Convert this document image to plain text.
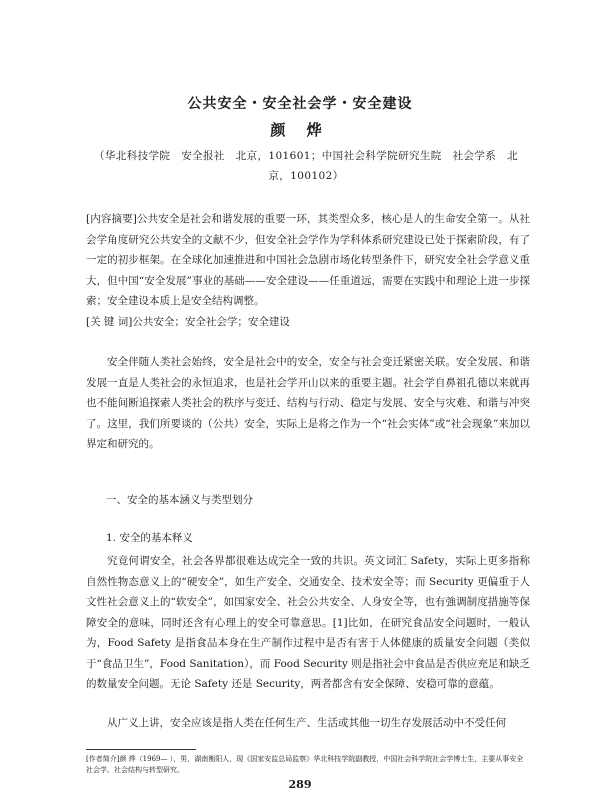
公共安全・安全社会学・安全建设
颜 烨
（华北科技学院　安全报社　北京，101601；中国社会科学院研究生院　社会学系　北京，100102）

[内容摘要]公共安全是社会和谐发展的重要一环，其类型众多，核心是人的生命安全第一。从社会学角度研究公共安全的文献不少，但安全社会学作为学科体系研究建设已处于探索阶段，有了一定的初步框架。在全球化加速推进和中国社会急剧市场化转型条件下，研究安全社会学意义重大，但中国“安全发展”事业的基础——安全建设——任重道远，需要在实践中和理论上进一步探索；安全建设本质上是安全结构调整。

[关 键 词]公共安全；安全社会学；安全建设

安全伴随人类社会始终，安全是社会中的安全，安全与社会变迁紧密关联。安全发展、和谐发展一直是人类社会的永恒追求，也是社会学开山以来的重要主题。社会学自鼻祖孔德以来就再也不能间断追探索人类社会的秩序与变迁、结构与行动、稳定与发展、安全与灾难、和谐与冲突了。这里，我们所要谈的（公共）安全，实际上是将之作为一个“社会实体”或“社会现象”来加以界定和研究的。

一、安全的基本涵义与类型划分

1. 安全的基本释义

究竟何谓安全，社会各界都很难达成完全一致的共识。英文词汇 Safety，实际上更多指称自然性物态意义上的“硬安全”，如生产安全、交通安全、技术安全等；而 Security 更偏重于人文性社会意义上的“软安全”，如国家安全、社会公共安全、人身安全等，也有強调制度措施等保障安全的意味，同时还含有心理上的安全可靠意思。[1]比如，在研究食品安全问题时，一般认为，Food Safety 是指食品本身在生产制作过程中是否有害于人体健康的质量安全问题（类似于“食品卫生”，Food Sanitation），而 Food Security 则是指社会中食品是否供应充足和缺乏的数量安全问题。无论 Safety 还是 Security，两者都含有安全保障、安稳可靠的意蕴。

从广义上讲，安全应该是指人类在任何生产、生活或其他一切生存发展活动中不受任何

[作者简介]颜 烨（1969— ），男，湖南衡阳人，现《国家安监总局监察》华北科技学院副教授，中国社会科学院社会学博士生，主要从事安全社会学、社会结构与转型研究。

289
